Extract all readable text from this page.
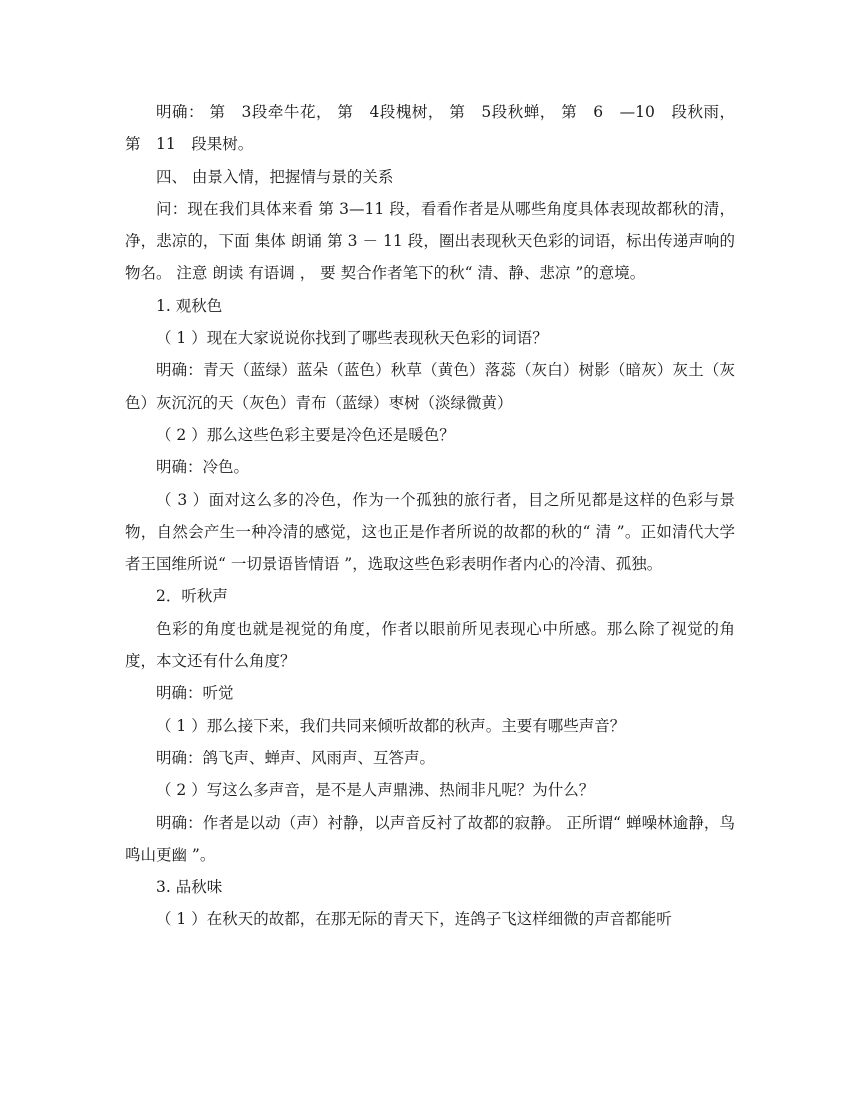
明确： 第　3段牵牛花， 第　4段槐树， 第　5段秋蝉， 第　6　—10　段秋雨， 第　11　段果树。

四、 由景入情，把握情与景的关系

问：现在我们具体来看 第 3—11 段，看看作者是从哪些角度具体表现故都秋的清，净，悲凉的，下面 集体 朗诵 第 3 － 11 段，圈出表现秋天色彩的词语，标出传递声响的物名。 注意 朗读 有语调 ， 要 契合作者笔下的秋“ 清、静、悲凉 ”的意境。

1. 观秋色

（ 1 ）现在大家说说你找到了哪些表现秋天色彩的词语？

明确：青天（蓝绿）蓝朵（蓝色）秋草（黄色）落蕊（灰白）树影（暗灰）灰土（灰色）灰沉沉的天（灰色）青布（蓝绿）枣树（淡绿微黄）

（ 2 ）那么这些色彩主要是冷色还是暖色？

明确：冷色。

（ 3 ）面对这么多的冷色，作为一个孤独的旅行者，目之所见都是这样的色彩与景物，自然会产生一种冷清的感觉，这也正是作者所说的故都的秋的“ 清 ”。正如清代大学者王国维所说“ 一切景语皆情语 ”，选取这些色彩表明作者内心的冷清、孤独。

2．听秋声

色彩的角度也就是视觉的角度，作者以眼前所见表现心中所感。那么除了视觉的角度，本文还有什么角度？

明确：听觉

（ 1 ）那么接下来，我们共同来倾听故都的秋声。主要有哪些声音？

明确：鸽飞声、蝉声、风雨声、互答声。

（ 2 ）写这么多声音，是不是人声鼎沸、热闹非凡呢？为什么？

明确：作者是以动（声）衬静，以声音反衬了故都的寂静。 正所谓“ 蝉噪林逾静，鸟鸣山更幽 ”。

3. 品秋味

（ 1 ）在秋天的故都，在那无际的青天下，连鸽子飞这样细微的声音都能听
